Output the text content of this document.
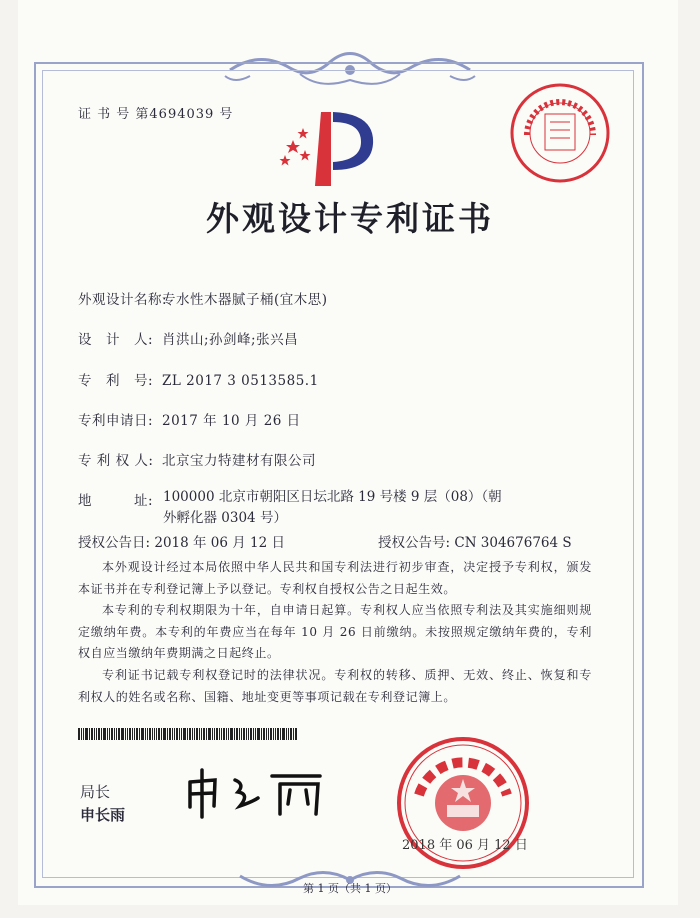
证 书 号 第4694039 号
外观设计专利证书
外观设计名称:专水性木器腻子桶(宜木思)
设　计　人: 肖洪山;孙剑峰;张兴昌
专　利　号: ZL 2017 3 0513585.1
专利申请日: 2017 年 10 月 26 日
专 利 权 人: 北京宝力特建材有限公司
地　　　址: 100000 北京市朝阳区日坛北路 19 号楼 9 层（08）（朝外孵化器 0304 号）
授权公告日: 2018 年 06 月 12 日	授权公告号: CN 304676764 S
本外观设计经过本局依照中华人民共和国专利法进行初步审查，决定授予专利权，颁发本证书并在专利登记簿上予以登记。专利权自授权公告之日起生效。
本专利的专利权期限为十年，自申请日起算。专利权人应当依照专利法及其实施细则规定缴纳年费。本专利的年费应当在每年 10 月 26 日前缴纳。未按照规定缴纳年费的，专利权自应当缴纳年费期满之日起终止。
专利证书记载专利权登记时的法律状况。专利权的转移、质押、无效、终止、恢复和专利权人的姓名或名称、国籍、地址变更等事项记载在专利登记簿上。
局长
申长雨
2018 年 06 月 12 日
第 1 页（共 1 页）
